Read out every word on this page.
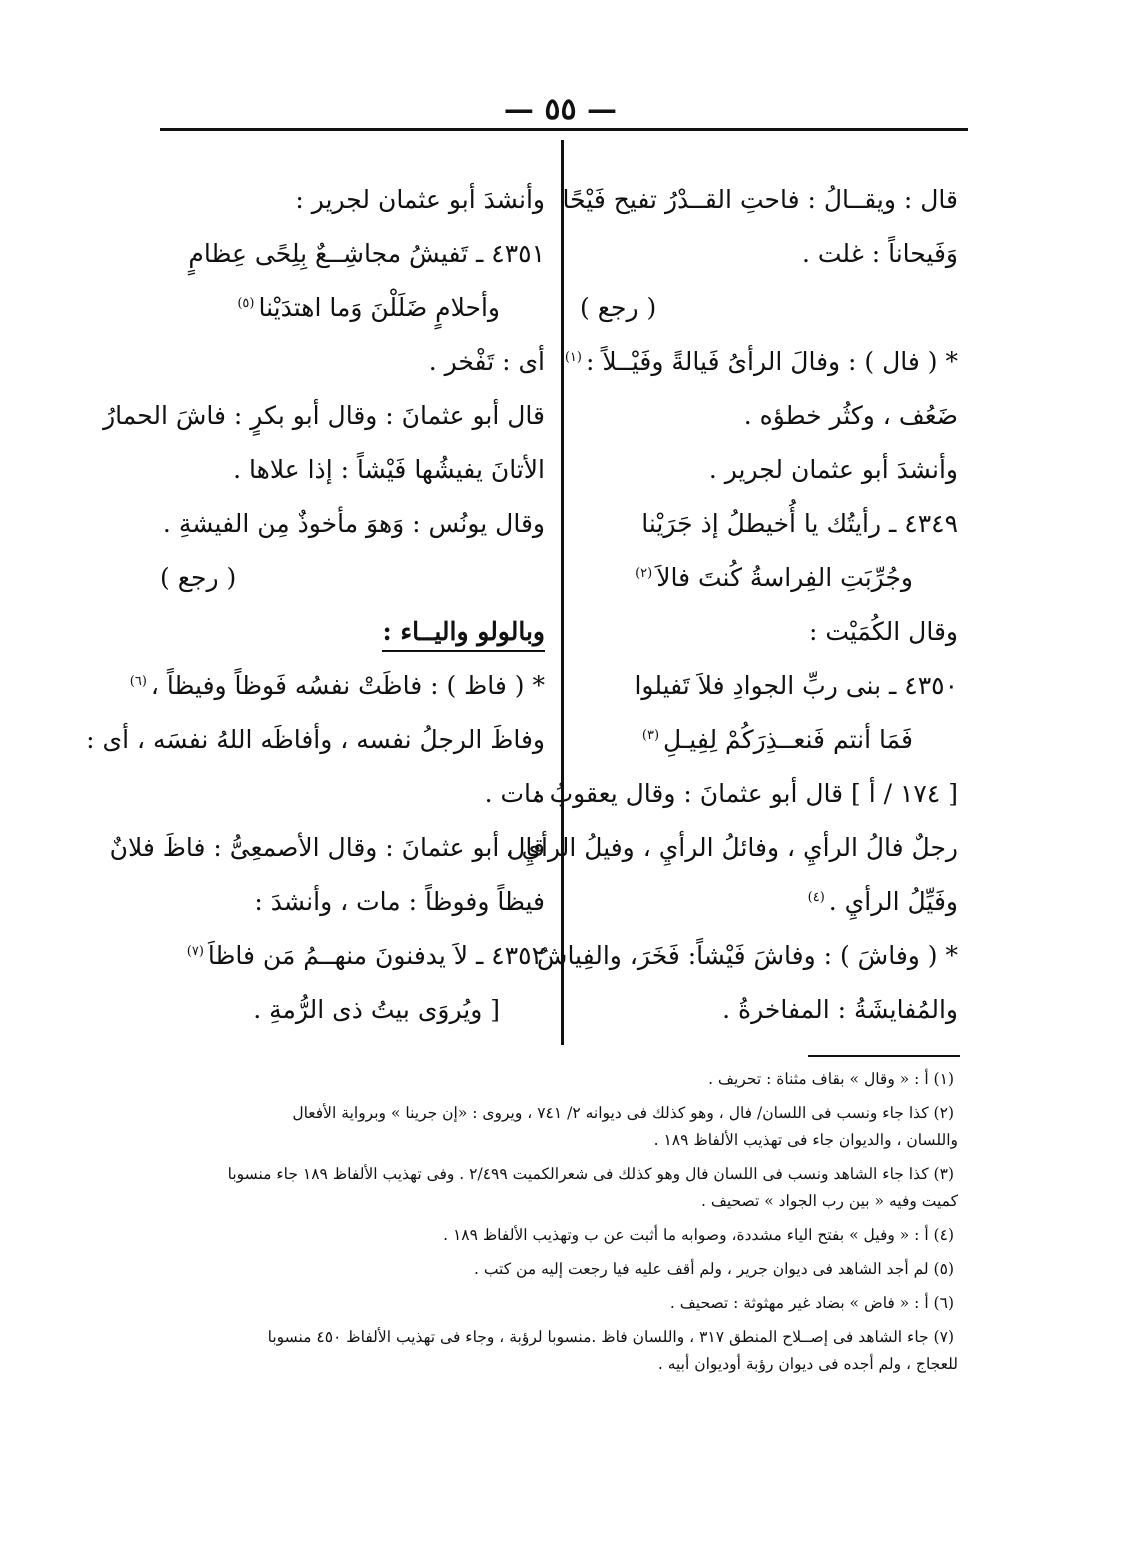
— ٥٥ —

قال : ويقــالُ : فاحتِ القــدْرُ تفيح فَيْحًا

وَفَيحاناً : غلت .

( رجع )

* ( فال ) : وفالَ الرأىُ فَيالةً وفَيْــلاً :$^{(١)}$

ضَعُف ، وكثُر خطؤه .

وأنشدَ أبو عثمان لجرير .

٤٣٤٩ ـ رأيتُك يا أُخيطلُ إذ جَرَيْنا

وجُرِّبَتِ الفِراسةُ كُنتَ فالاَ$^{(٢)}$

وقال الكُمَيْت :

٤٣٥٠ ـ بنى ربِّ الجوادِ فلاَ تَفيلوا

فَمَا أنتم فَنعــذِرَكُمْ لِفِيـلِ$^{(٣)}$

[ ١٧٤ / أ ] قال أبو عثمانَ : وقال يعقوبُ :

رجلٌ فالُ الرأيِ ، وفائلُ الرأيِ ، وفيلُ الرأيِ ،

وفَيِّلُ الرأيِ .$^{(٤)}$

* ( وفاشَ ) : وفاشَ فَيْشاً: فَخَرَ، والفِياشُ

والمُفايشَةُ : المفاخرةُ .

وأنشدَ أبو عثمان لجرير :

٤٣٥١ ـ تَفيشُ مجاشِــعٌ بِلِحًى عِظامٍ

وأحلامٍ ضَلَلْنَ وَما اهتدَيْنا$^{(٥)}$

أى : تَفْخر .

قال أبو عثمانَ : وقال أبو بكرٍ : فاشَ الحمارُ

الأتانَ يفيشُها فَيْشاً : إذا علاها .

وقال يونُس : وَهوَ مأخوذٌ مِن الفيشةِ .

( رجع )

وبالولو واليــاء :

* ( فاظ ) : فاظَتْ نفسُه فَوظاً وفيظاً ،$^{(٦)}$

وفاظَ الرجلُ نفسه ، وأفاظَه اللهُ نفسَه ، أى :

مات .

قال أبو عثمانَ : وقال الأصمعِىُّ : فاظَ فلانٌ

فيظاً وفوظاً : مات ، وأنشدَ :

٤٣٥٢ ـ لاَ يدفنونَ منهــمُ مَن فاظاَ$^{(٧)}$

[ ويُروَى بيتُ ذى الرُّمةِ .

(١) أ : « وقال » بقاف مثناة : تحريف .

(٢) كذا جاء ونسب فى اللسان/ فال ، وهو كذلك فى ديوانه ٢/ ٧٤١ ، ويروى : «إن جرينا » وبرواية الأفعال

واللسان ، والديوان جاء فى تهذيب الألفاظ ١٨٩ .

(٣) كذا جاء الشاهد ونسب فى اللسان فال وهو كذلك فى شعرالكميت ٢/٤٩٩ . وفى تهذيب الألفاظ ١٨٩ جاء منسوبا

كميت وفيه « بين رب الجواد » تصحيف .

(٤) أ : « وفيل » بفتح الياء مشددة، وصوابه ما أثبت عن ب وتهذيب الألفاظ ١٨٩ .

(٥) لم أجد الشاهد فى ديوان جرير ، ولم أقف عليه فيا رجعت إليه من كتب .

(٦) أ : « فاض » بضاد غير مهثوثة : تصحيف .

(٧) جاء الشاهد فى إصــلاح المنطق ٣١٧ ، واللسان فاظ .منسوبا لرؤبة ، وجاء فى تهذيب الألفاظ ٤٥٠ منسوبا

للعجاج ، ولم أجده فى ديوان رؤبة أوديوان أبيه .
